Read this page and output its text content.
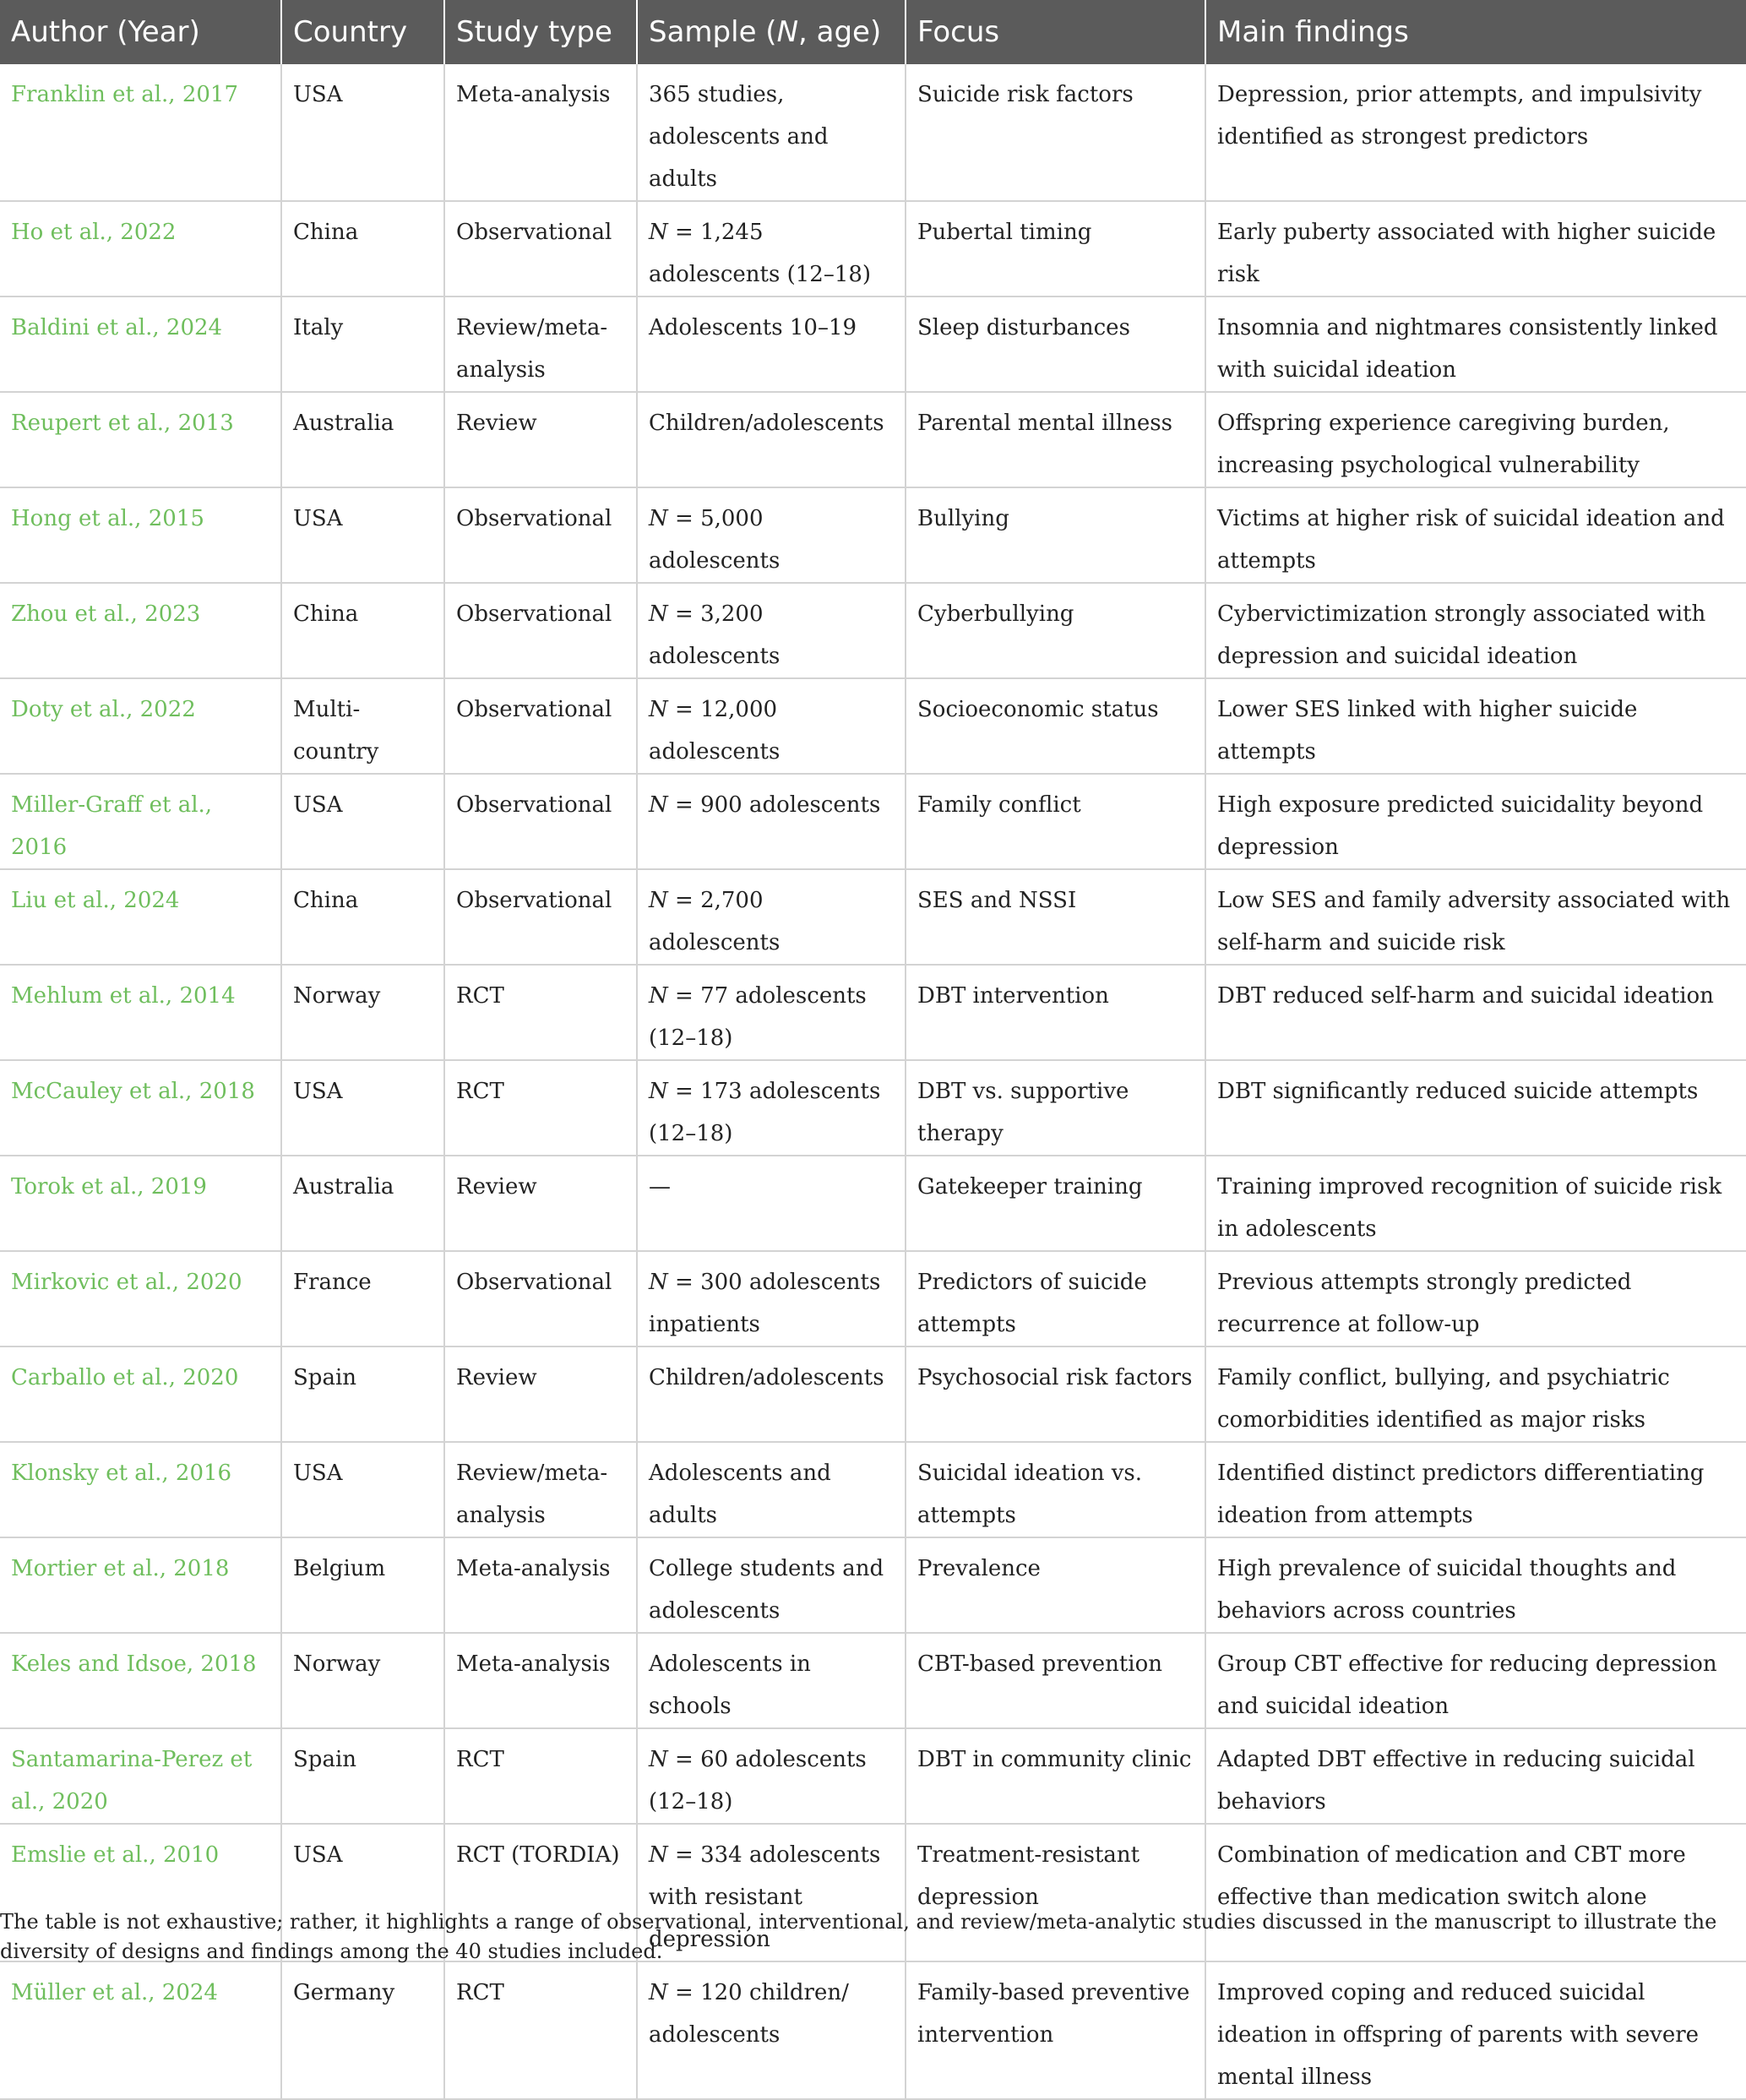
Author (Year)	Country	Study type	Sample (N, age)	Focus	Main findings
Franklin et al., 2017	USA	Meta-analysis	365 studies, adolescents and adults	Suicide risk factors	Depression, prior attempts, and impulsivity identified as strongest predictors
Ho et al., 2022	China	Observational	N = 1,245 adolescents (12–18)	Pubertal timing	Early puberty associated with higher suicide risk
Baldini et al., 2024	Italy	Review/meta-analysis	Adolescents 10–19	Sleep disturbances	Insomnia and nightmares consistently linked with suicidal ideation
Reupert et al., 2013	Australia	Review	Children/adolescents	Parental mental illness	Offspring experience caregiving burden, increasing psychological vulnerability
Hong et al., 2015	USA	Observational	N = 5,000 adolescents	Bullying	Victims at higher risk of suicidal ideation and attempts
Zhou et al., 2023	China	Observational	N = 3,200 adolescents	Cyberbullying	Cybervictimization strongly associated with depression and suicidal ideation
Doty et al., 2022	Multi-country	Observational	N = 12,000 adolescents	Socioeconomic status	Lower SES linked with higher suicide attempts
Miller-Graff et al., 2016	USA	Observational	N = 900 adolescents	Family conflict	High exposure predicted suicidality beyond depression
Liu et al., 2024	China	Observational	N = 2,700 adolescents	SES and NSSI	Low SES and family adversity associated with self-harm and suicide risk
Mehlum et al., 2014	Norway	RCT	N = 77 adolescents (12–18)	DBT intervention	DBT reduced self-harm and suicidal ideation
McCauley et al., 2018	USA	RCT	N = 173 adolescents (12–18)	DBT vs. supportive therapy	DBT significantly reduced suicide attempts
Torok et al., 2019	Australia	Review	—	Gatekeeper training	Training improved recognition of suicide risk in adolescents
Mirkovic et al., 2020	France	Observational	N = 300 adolescents inpatients	Predictors of suicide attempts	Previous attempts strongly predicted recurrence at follow-up
Carballo et al., 2020	Spain	Review	Children/adolescents	Psychosocial risk factors	Family conflict, bullying, and psychiatric comorbidities identified as major risks
Klonsky et al., 2016	USA	Review/meta-analysis	Adolescents and adults	Suicidal ideation vs. attempts	Identified distinct predictors differentiating ideation from attempts
Mortier et al., 2018	Belgium	Meta-analysis	College students and adolescents	Prevalence	High prevalence of suicidal thoughts and behaviors across countries
Keles and Idsoe, 2018	Norway	Meta-analysis	Adolescents in schools	CBT-based prevention	Group CBT effective for reducing depression and suicidal ideation
Santamarina-Perez et al., 2020	Spain	RCT	N = 60 adolescents (12–18)	DBT in community clinic	Adapted DBT effective in reducing suicidal behaviors
Emslie et al., 2010	USA	RCT (TORDIA)	N = 334 adolescents with resistant depression	Treatment-resistant depression	Combination of medication and CBT more effective than medication switch alone
Müller et al., 2024	Germany	RCT	N = 120 children/ adolescents	Family-based preventive intervention	Improved coping and reduced suicidal ideation in offspring of parents with severe mental illness
The table is not exhaustive; rather, it highlights a range of observational, interventional, and review/meta-analytic studies discussed in the manuscript to illustrate the diversity of designs and findings among the 40 studies included.
